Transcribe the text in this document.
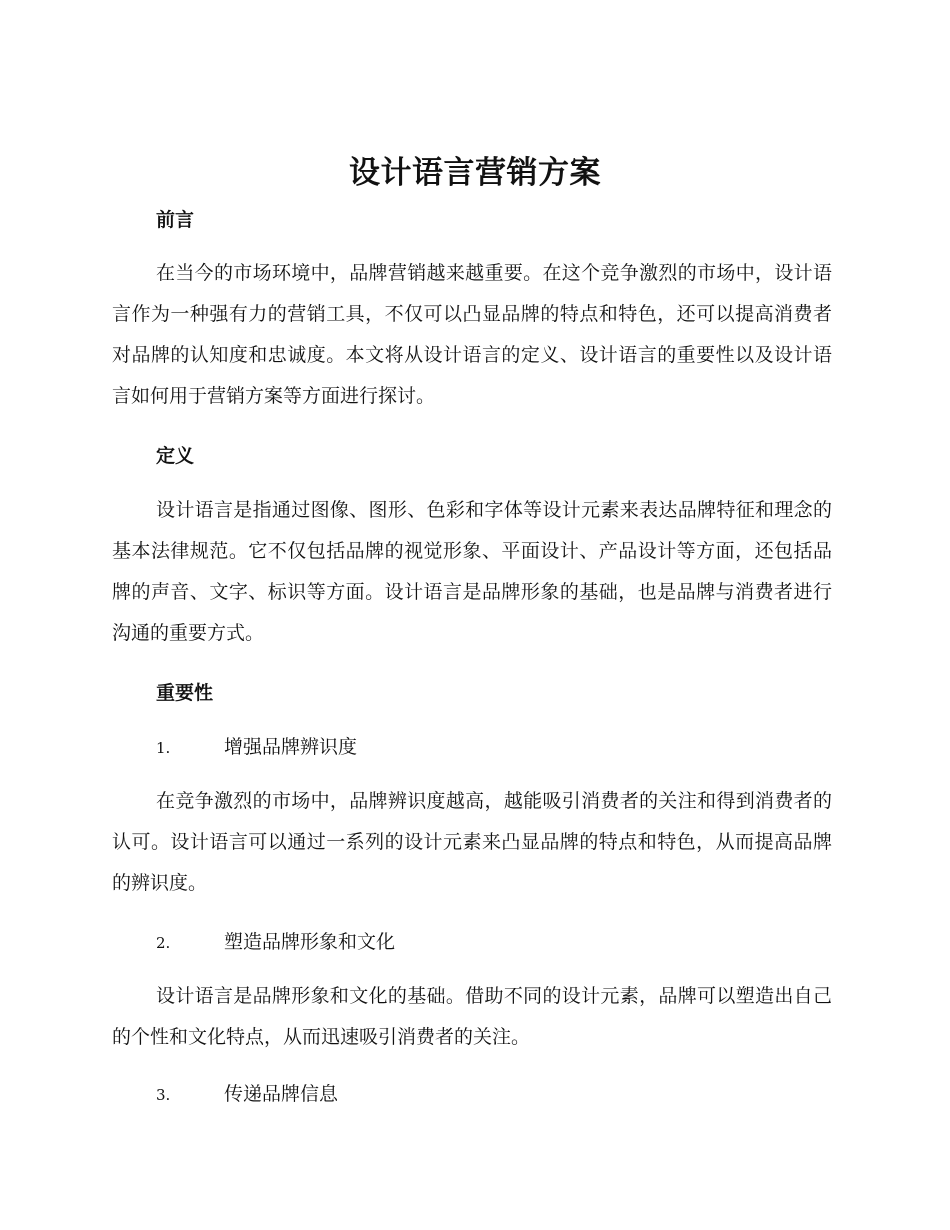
设计语言营销方案
前言

在当今的市场环境中，品牌营销越来越重要。在这个竞争激烈的市场中，设计语言作为一种强有力的营销工具，不仅可以凸显品牌的特点和特色，还可以提高消费者对品牌的认知度和忠诚度。本文将从设计语言的定义、设计语言的重要性以及设计语言如何用于营销方案等方面进行探讨。

定义

设计语言是指通过图像、图形、色彩和字体等设计元素来表达品牌特征和理念的基本法律规范。它不仅包括品牌的视觉形象、平面设计、产品设计等方面，还包括品牌的声音、文字、标识等方面。设计语言是品牌形象的基础，也是品牌与消费者进行沟通的重要方式。

重要性
1.	增强品牌辨识度

在竞争激烈的市场中，品牌辨识度越高，越能吸引消费者的关注和得到消费者的认可。设计语言可以通过一系列的设计元素来凸显品牌的特点和特色，从而提高品牌的辨识度。

2.	塑造品牌形象和文化

设计语言是品牌形象和文化的基础。借助不同的设计元素，品牌可以塑造出自己的个性和文化特点，从而迅速吸引消费者的关注。

3.	传递品牌信息
